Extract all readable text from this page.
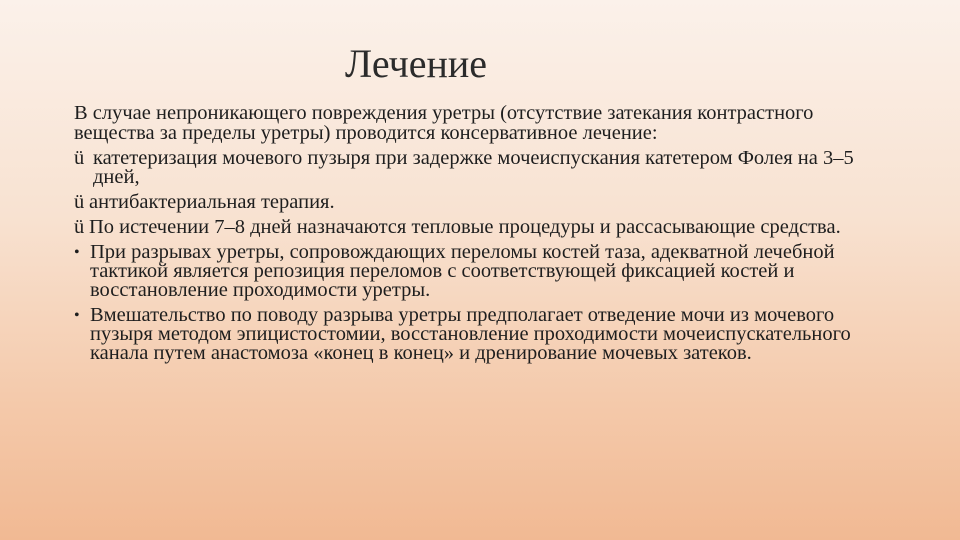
Лечение
В случае непроникающего повреждения уретры (отсутствие затекания контрастного вещества за пределы уретры) проводится консервативное лечение:
ü катетеризация мочевого пузыря при задержке мочеиспускания катетером Фолея на 3–5 дней,
ü антибактериальная терапия.
ü По истечении 7–8 дней назначаются тепловые процедуры и рассасывающие средства.
• При разрывах уретры, сопровождающих переломы костей таза, адекватной лечебной тактикой является репозиция переломов с соответствующей фиксацией костей и восстановление проходимости уретры.
• Вмешательство по поводу разрыва уретры предполагает отведение мочи из мочевого пузыря методом эпицистостомии, восстановление проходимости мочеиспускательного канала путем анастомоза «конец в конец» и дренирование мочевых затеков.
